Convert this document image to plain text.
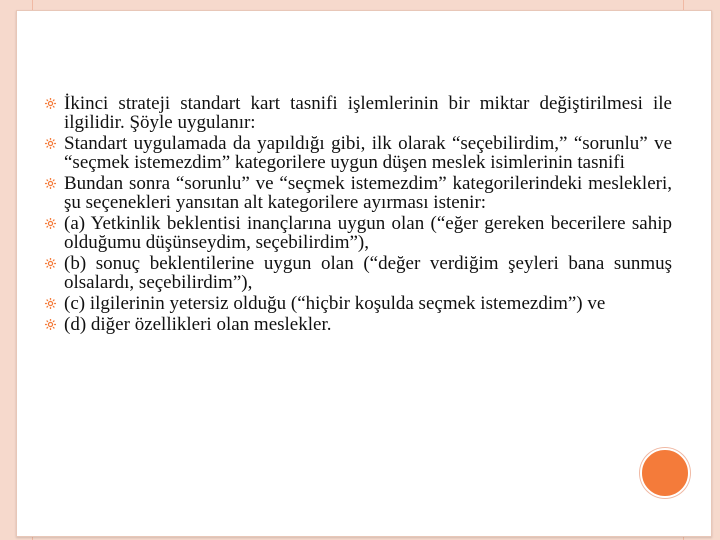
İkinci strateji standart kart tasnifi işlemlerinin bir miktar değiştirilmesi ile ilgilidir. Şöyle uygulanır:
Standart uygulamada da yapıldığı gibi, ilk olarak “seçebilirdim,” “sorunlu” ve “seçmek istemezdim” kategorilere uygun düşen meslek isimlerinin tasnifi
Bundan sonra “sorunlu” ve “seçmek istemezdim” kategorilerindeki meslekleri, şu seçenekleri yansıtan alt kategorilere ayırması istenir:
(a) Yetkinlik beklentisi inançlarına uygun olan (“eğer gereken becerilere sahip olduğumu düşünseydim, seçebilirdim”),
(b) sonuç beklentilerine uygun olan (“değer verdiğim şeyleri bana sunmuş olsalardı, seçebilirdim”),
(c) ilgilerinin yetersiz olduğu (“hiçbir koşulda seçmek istemezdim”) ve
(d) diğer özellikleri olan meslekler.
